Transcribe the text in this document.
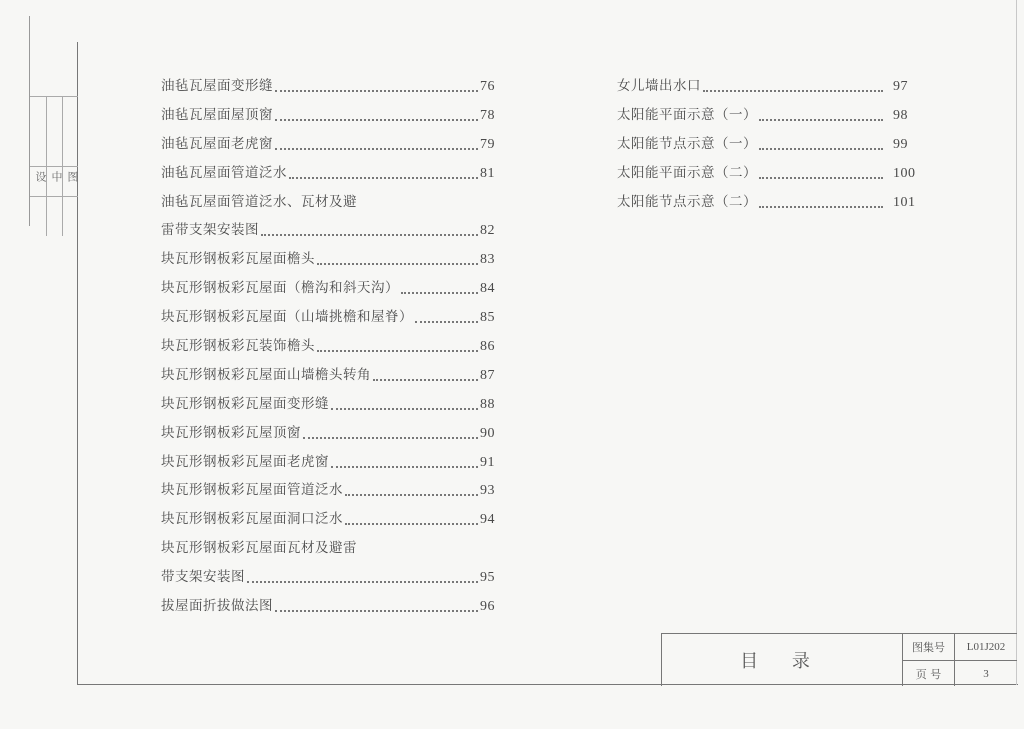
设 中 图
油毡瓦屋面变形缝	76
油毡瓦屋面屋顶窗	78
油毡瓦屋面老虎窗	79
油毡瓦屋面管道泛水	81
油毡瓦屋面管道泛水、瓦材及避
雷带支架安装图	82
块瓦形钢板彩瓦屋面檐头	83
块瓦形钢板彩瓦屋面（檐沟和斜天沟）	84
块瓦形钢板彩瓦屋面（山墙挑檐和屋脊）	85
块瓦形钢板彩瓦装饰檐头	86
块瓦形钢板彩瓦屋面山墙檐头转角	87
块瓦形钢板彩瓦屋面变形缝	88
块瓦形钢板彩瓦屋顶窗	90
块瓦形钢板彩瓦屋面老虎窗	91
块瓦形钢板彩瓦屋面管道泛水	93
块瓦形钢板彩瓦屋面洞口泛水	94
块瓦形钢板彩瓦屋面瓦材及避雷
带支架安装图	95
拔屋面折拔做法图	96
女儿墙出水口	97
太阳能平面示意（一）	98
太阳能节点示意（一）	99
太阳能平面示意（二）	100
太阳能节点示意（二）	101
目 录
图集号	L01J202
页 号	3
